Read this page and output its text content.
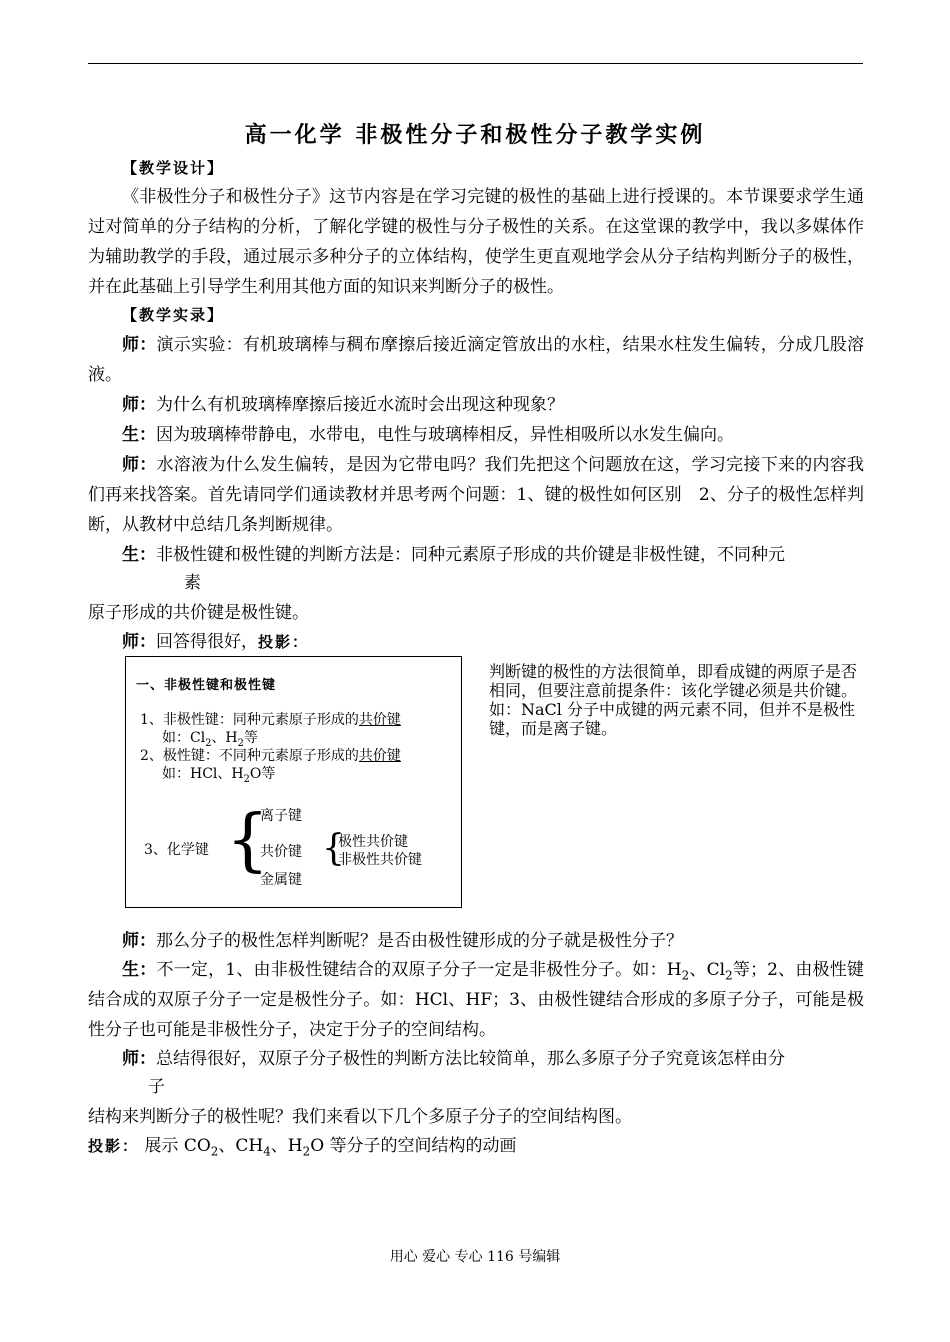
高一化学 非极性分子和极性分子教学实例
【教学设计】
《非极性分子和极性分子》这节内容是在学习完键的极性的基础上进行授课的。本节课要求学生通过对简单的分子结构的分析，了解化学键的极性与分子极性的关系。在这堂课的教学中，我以多媒体作为辅助教学的手段，通过展示多种分子的立体结构，使学生更直观地学会从分子结构判断分子的极性，并在此基础上引导学生利用其他方面的知识来判断分子的极性。
【教学实录】
师：演示实验：有机玻璃棒与稠布摩擦后接近滴定管放出的水柱，结果水柱发生偏转，分成几股溶液。
师：为什么有机玻璃棒摩擦后接近水流时会出现这种现象？
生：因为玻璃棒带静电，水带电，电性与玻璃棒相反，异性相吸所以水发生偏向。
师：水溶液为什么发生偏转，是因为它带电吗？我们先把这个问题放在这，学习完接下来的内容我们再来找答案。首先请同学们通读教材并思考两个问题：1、键的极性如何区别　2、分子的极性怎样判断，从教材中总结几条判断规律。
生：非极性键和极性键的判断方法是：同种元素原子形成的共价键是非极性键，不同种元
素
原子形成的共价键是极性键。
师：回答得很好，投影：
一、非极性键和极性键
1、非极性键：同种元素原子形成的共价键
如：$Cl_2$、$H_2$等
2、极性键：不同种元素原子形成的共价键
如：HCl、$H_2O$等
3、化学键 {
离子键
共价键
金属键
{
极性共价键
非极性共价键
判断键的极性的方法很简单，即看成键的两原子是否相同，但要注意前提条件：该化学键必须是共价键。如：NaCl 分子中成键的两元素不同，但并不是极性键，而是离子键。
师：那么分子的极性怎样判断呢？是否由极性键形成的分子就是极性分子？
生：不一定，1、由非极性键结合的双原子分子一定是非极性分子。如：$H_2$、$Cl_2$等；2、由极性键结合成的双原子分子一定是极性分子。如：HCl、HF；3、由极性键结合形成的多原子分子，可能是极性分子也可能是非极性分子，决定于分子的空间结构。
师：总结得很好，双原子分子极性的判断方法比较简单，那么多原子分子究竟该怎样由分
子
结构来判断分子的极性呢？我们来看以下几个多原子分子的空间结构图。
投影： 展示 $CO_2$、$CH_4$、$H_2O$ 等分子的空间结构的动画
用心 爱心 专心 116 号编辑
